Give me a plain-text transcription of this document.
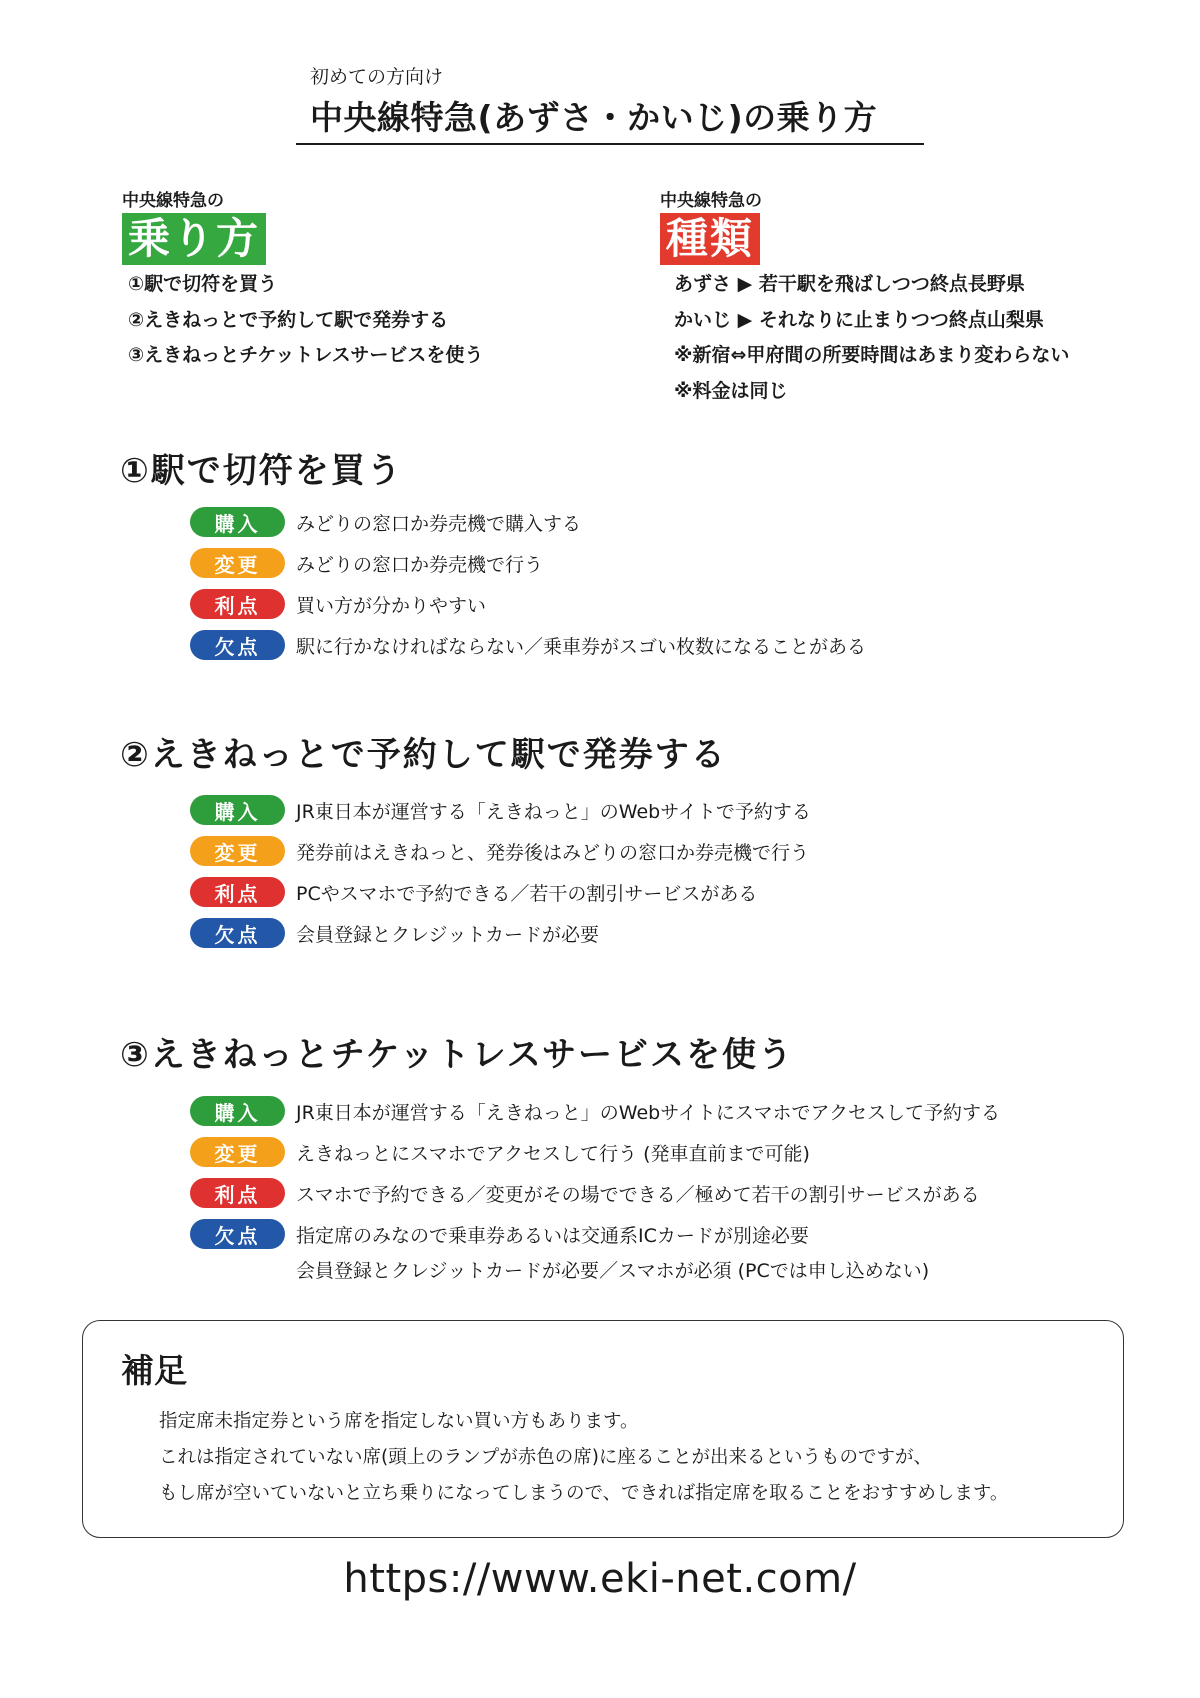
初めての方向け
中央線特急(あずさ・かいじ)の乗り方
中央線特急の
乗り方
①駅で切符を買う
②えきねっとで予約して駅で発券する
③えきねっとチケットレスサービスを使う
中央線特急の
種類
あずさ ▶ 若干駅を飛ばしつつ終点長野県
かいじ ▶ それなりに止まりつつ終点山梨県
※新宿⇔甲府間の所要時間はあまり変わらない
※料金は同じ
①駅で切符を買う
購入	みどりの窓口か券売機で購入する
変更	みどりの窓口か券売機で行う
利点	買い方が分かりやすい
欠点	駅に行かなければならない／乗車券がスゴい枚数になることがある
②えきねっとで予約して駅で発券する
購入	JR東日本が運営する「えきねっと」のWebサイトで予約する
変更	発券前はえきねっと、発券後はみどりの窓口か券売機で行う
利点	PCやスマホで予約できる／若干の割引サービスがある
欠点	会員登録とクレジットカードが必要
③えきねっとチケットレスサービスを使う
購入	JR東日本が運営する「えきねっと」のWebサイトにスマホでアクセスして予約する
変更	えきねっとにスマホでアクセスして行う (発車直前まで可能)
利点	スマホで予約できる／変更がその場でできる／極めて若干の割引サービスがある
欠点	指定席のみなので乗車券あるいは交通系ICカードが別途必要
会員登録とクレジットカードが必要／スマホが必須 (PCでは申し込めない)
補足
指定席未指定券という席を指定しない買い方もあります。
これは指定されていない席(頭上のランプが赤色の席)に座ることが出来るというものですが、
もし席が空いていないと立ち乗りになってしまうので、できれば指定席を取ることをおすすめします。
https://www.eki-net.com/
